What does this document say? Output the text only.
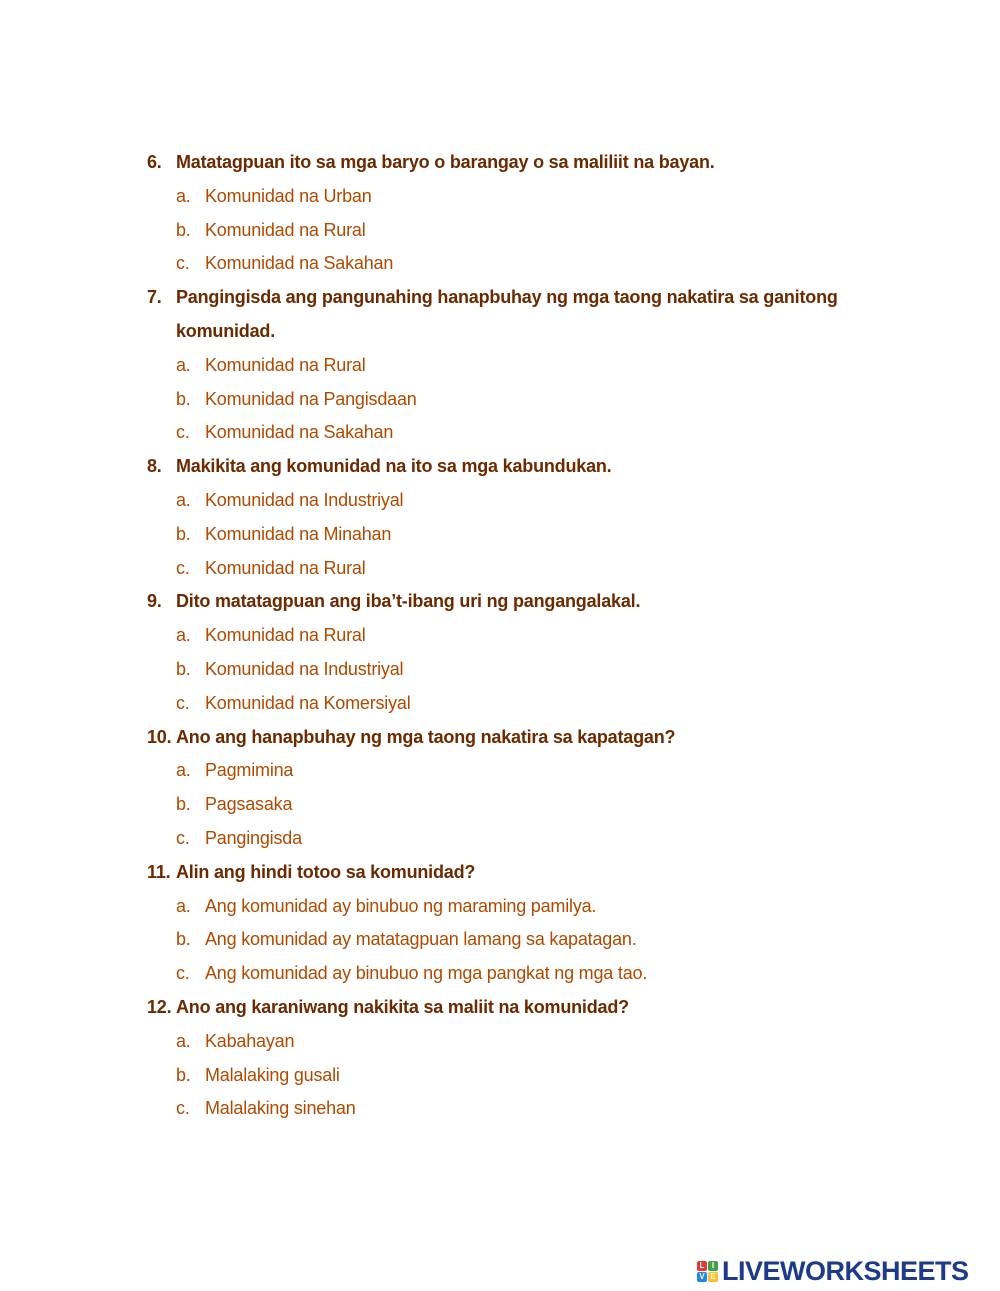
6. Matatagpuan ito sa mga baryo o barangay o sa maliliit na bayan.
a. Komunidad na Urban
b. Komunidad na Rural
c. Komunidad na Sakahan
7. Pangingisda ang pangunahing hanapbuhay ng mga taong nakatira sa ganitong komunidad.
a. Komunidad na Rural
b. Komunidad na Pangisdaan
c. Komunidad na Sakahan
8. Makikita ang komunidad na ito sa mga kabundukan.
a. Komunidad na Industriyal
b. Komunidad na Minahan
c. Komunidad na Rural
9. Dito matatagpuan ang iba’t-ibang uri ng pangangalakal.
a. Komunidad na Rural
b. Komunidad na Industriyal
c. Komunidad na Komersiyal
10. Ano ang hanapbuhay ng mga taong nakatira sa kapatagan?
a. Pagmimina
b. Pagsasaka
c. Pangingisda
11. Alin ang hindi totoo sa komunidad?
a. Ang komunidad ay binubuo ng maraming pamilya.
b. Ang komunidad ay matatagpuan lamang sa kapatagan.
c. Ang komunidad ay binubuo ng mga pangkat ng mga tao.
12. Ano ang karaniwang nakikita sa maliit na komunidad?
a. Kabahayan
b. Malalaking gusali
c. Malalaking sinehan
L I
V E LIVEWORKSHEETS
